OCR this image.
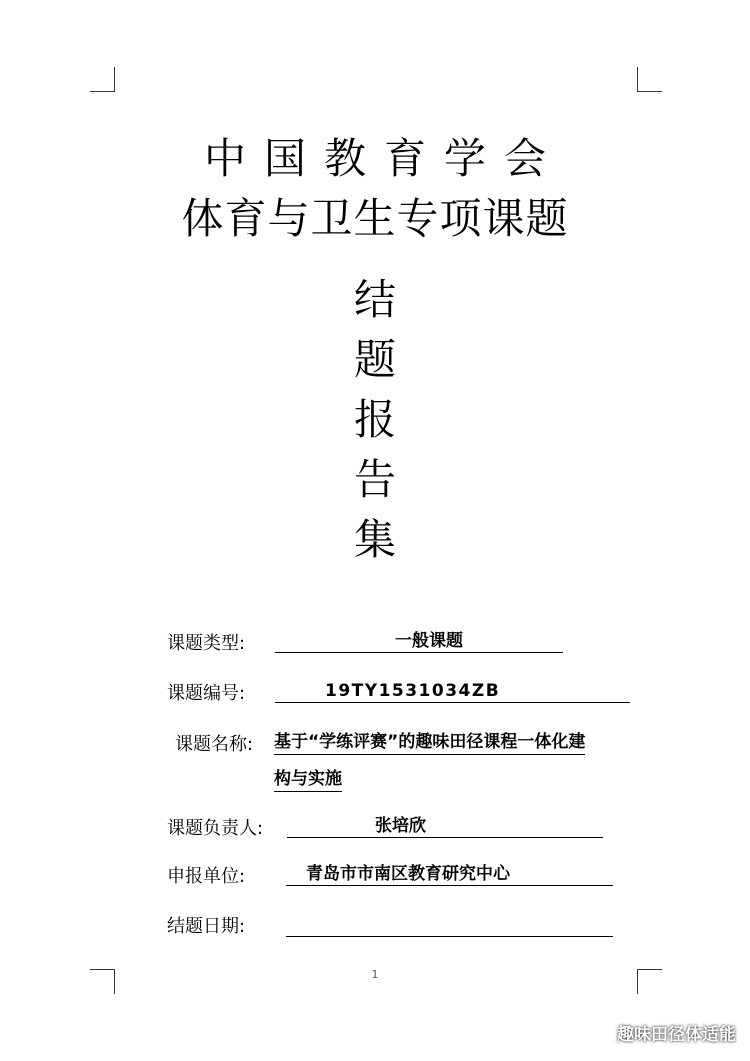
中国教育学会
体育与卫生专项课题
结
题
报
告
集
课题类型:	一般课题
课题编号:	19TY1531034ZB
课题名称: 基于“学练评赛”的趣味田径课程一体化建
构与实施
课题负责人:	张培欣
申报单位:	青岛市市南区教育研究中心
结题日期:
1
趣味田径体适能
